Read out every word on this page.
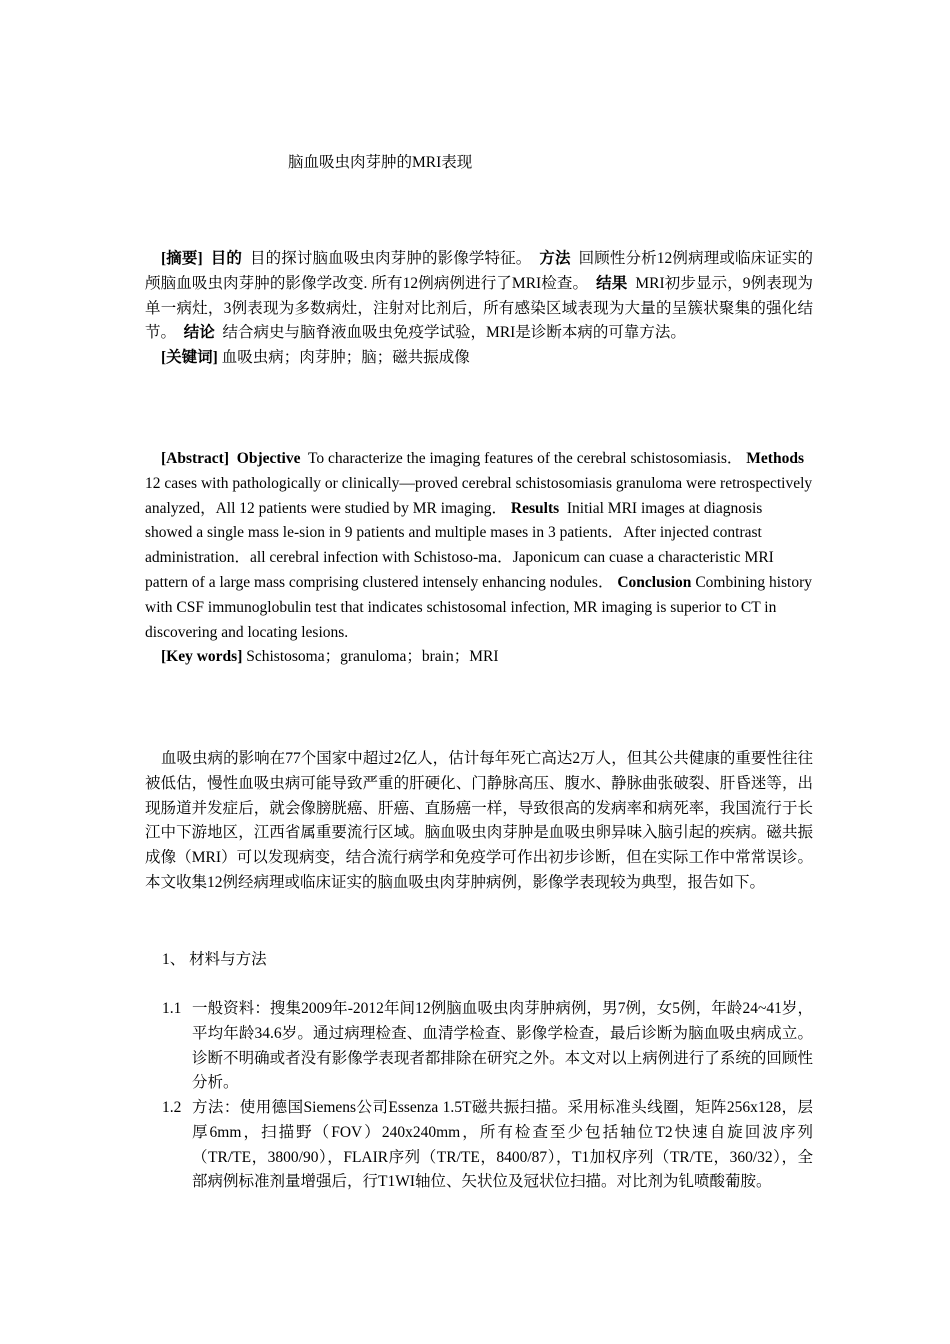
脑血吸虫肉芽肿的MRI表现
[摘要] 目的 目的探讨脑血吸虫肉芽肿的影像学特征。 方法 回顾性分析12例病理或临床证实的颅脑血吸虫肉芽肿的影像学改变. 所有12例病例进行了MRI检查。 结果 MRI初步显示，9例表现为单一病灶，3例表现为多数病灶，注射对比剂后，所有感染区域表现为大量的呈簇状聚集的强化结节。 结论 结合病史与脑脊液血吸虫免疫学试验，MRI是诊断本病的可靠方法。
[关键词] 血吸虫病；肉芽肿；脑；磁共振成像
[Abstract] Objective To characterize the imaging features of the cerebral schistosomiasis． Methods  12 cases with pathologically or clinically—proved cerebral schistosomiasis granuloma were retrospectively analyzed，All 12 patients were studied by MR imaging． Results Initial MRI images at diagnosis showed a single mass le-sion in 9 patients and multiple mases in 3 patients．After injected contrast administration．all cerebral infection with Schistoso-ma．Japonicum can cuase a characteristic MRI pattern of a large mass comprising clustered intensely enhancing nodules． Conclusion Combining history with CSF immunoglobulin test that indicates schistosomal infection, MR imaging is superior to CT in discovering and locating lesions.
[Key words] Schistosoma；granuloma；brain；MRI
血吸虫病的影响在77个国家中超过2亿人，估计每年死亡高达2万人，但其公共健康的重要性往往被低估，慢性血吸虫病可能导致严重的肝硬化、门静脉高压、腹水、静脉曲张破裂、肝昏迷等，出现肠道并发症后，就会像膀胱癌、肝癌、直肠癌一样，导致很高的发病率和病死率，我国流行于长江中下游地区，江西省属重要流行区域。脑血吸虫肉芽肿是血吸虫卵异味入脑引起的疾病。磁共振成像（MRI）可以发现病变，结合流行病学和免疫学可作出初步诊断，但在实际工作中常常误诊。本文收集12例经病理或临床证实的脑血吸虫肉芽肿病例，影像学表现较为典型，报告如下。
1、 材料与方法
1.1 一般资料：搜集2009年-2012年间12例脑血吸虫肉芽肿病例，男7例，女5例，年龄24~41岁，平均年龄34.6岁。通过病理检查、血清学检查、影像学检查，最后诊断为脑血吸虫病成立。诊断不明确或者没有影像学表现者都排除在研究之外。本文对以上病例进行了系统的回顾性分析。
1.2 方法：使用德国Siemens公司Essenza 1.5T磁共振扫描。采用标准头线圈，矩阵256x128，层厚6mm，扫描野（FOV）240x240mm，所有检查至少包括轴位T2快速自旋回波序列（TR/TE，3800/90），FLAIR序列（TR/TE，8400/87），T1加权序列（TR/TE，360/32），全部病例标准剂量增强后，行T1WI轴位、矢状位及冠状位扫描。对比剂为钆喷酸葡胺。
